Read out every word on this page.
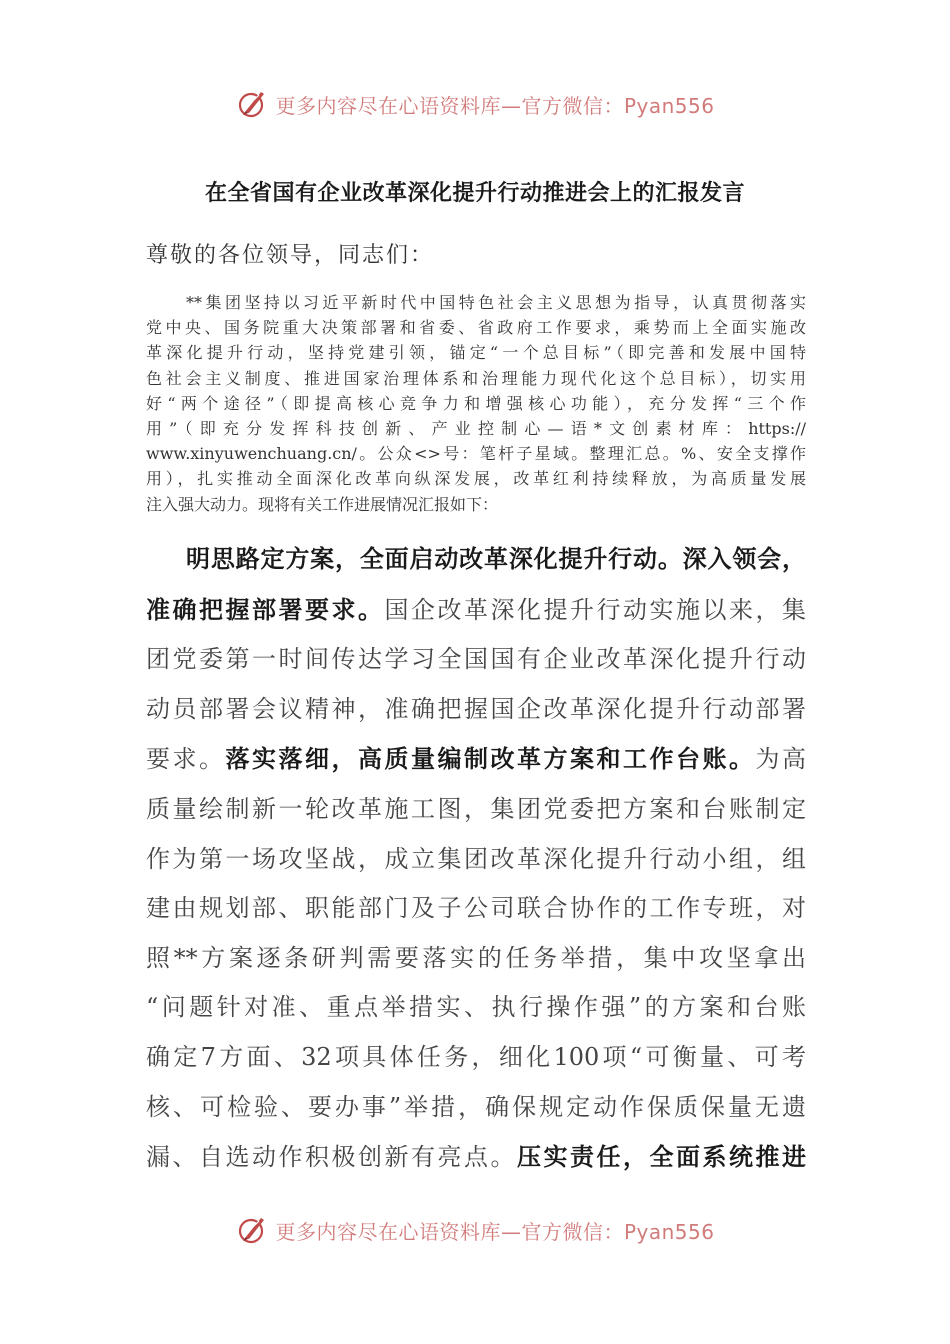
更多内容尽在心语资料库—官方微信：Pyan556
在全省国有企业改革深化提升行动推进会上的汇报发言

尊敬的各位领导，同志们：

**集团坚持以习近平新时代中国特色社会主义思想为指导，认真贯彻落实
党中央、国务院重大决策部署和省委、省政府工作要求，乘势而上全面实施改
革深化提升行动，坚持党建引领，锚定“一个总目标”（即完善和发展中国特
色社会主义制度、推进国家治理体系和治理能力现代化这个总目标），切实用
好“两个途径”（即提高核心竞争力和增强核心功能），充分发挥“三个作
用”（即充分发挥科技创新、产业控制心—语*文创素材库：https://
www.xinyuwenchuang.cn/。公众<>号：笔杆子星域。整理汇总。%、安全支撑作
用），扎实推动全面深化改革向纵深发展，改革红利持续释放，为高质量发展
注入强大动力。现将有关工作进展情况汇报如下：
明思路定方案，全面启动改革深化提升行动。深入领会，
准确把握部署要求。国企改革深化提升行动实施以来，集
团党委第一时间传达学习全国国有企业改革深化提升行动
动员部署会议精神，准确把握国企改革深化提升行动部署
要求。落实落细，高质量编制改革方案和工作台账。为高
质量绘制新一轮改革施工图，集团党委把方案和台账制定
作为第一场攻坚战，成立集团改革深化提升行动小组，组
建由规划部、职能部门及子公司联合协作的工作专班，对
照**方案逐条研判需要落实的任务举措，集中攻坚拿出
“问题针对准、重点举措实、执行操作强”的方案和台账
确定7方面、32项具体任务，细化100项“可衡量、可考
核、可检验、要办事”举措，确保规定动作保质保量无遗
漏、自选动作积极创新有亮点。压实责任，全面系统推进
更多内容尽在心语资料库—官方微信：Pyan556
